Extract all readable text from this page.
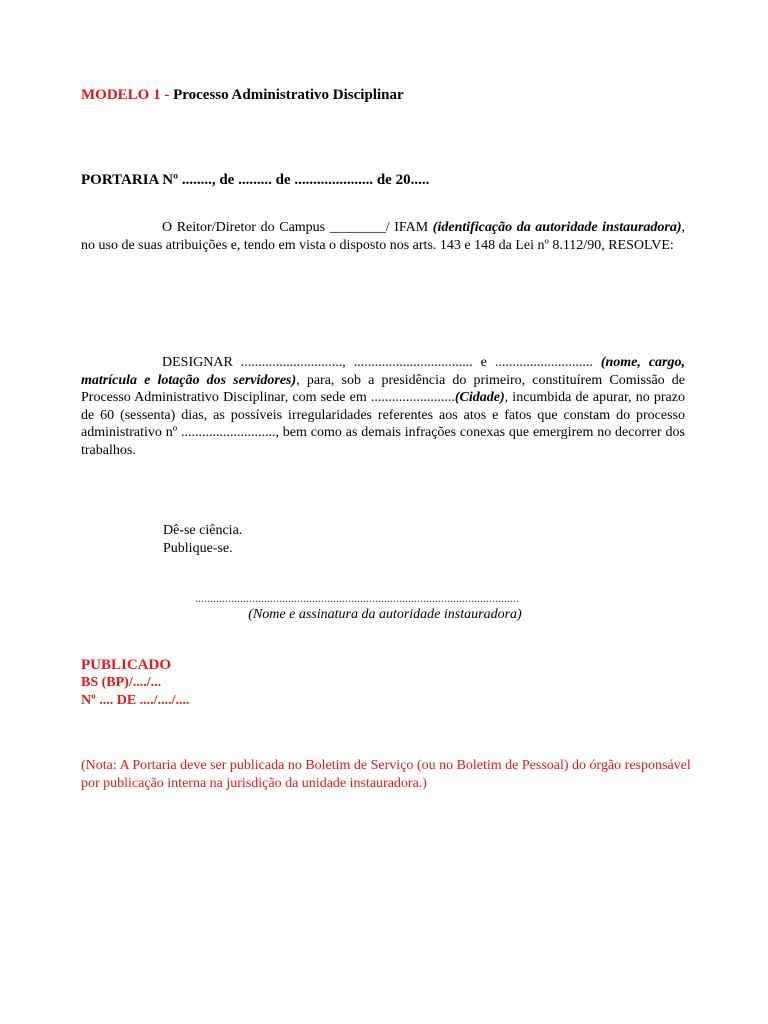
MODELO 1 - Processo Administrativo Disciplinar
PORTARIA Nº ........, de ......... de ..................... de 20.....

O Reitor/Diretor do Campus ________/ IFAM (identificação da autoridade instauradora), no uso de suas atribuições e, tendo em vista o disposto nos arts. 143 e 148 da Lei nº 8.112/90, RESOLVE:

DESIGNAR ............................., .................................. e ............................ (nome, cargo, matrícula e lotação dos servidores), para, sob a presidência do primeiro, constituírem Comissão de Processo Administrativo Disciplinar, com sede em ........................(Cidade), incumbida de apurar, no prazo de 60 (sessenta) dias, as possíveis irregularidades referentes aos atos e fatos que constam do processo administrativo nº ..........................., bem como as demais infrações conexas que emergirem no decorrer dos trabalhos.

Dê-se ciência.
Publique-se.
............................................................................................................
(Nome e assinatura da autoridade instauradora)
PUBLICADO
BS (BP)/..../...
Nº .... DE ..../..../....

(Nota: A Portaria deve ser publicada no Boletim de Serviço (ou no Boletim de Pessoal) do órgão responsável por publicação interna na jurisdição da unidade instauradora.)
